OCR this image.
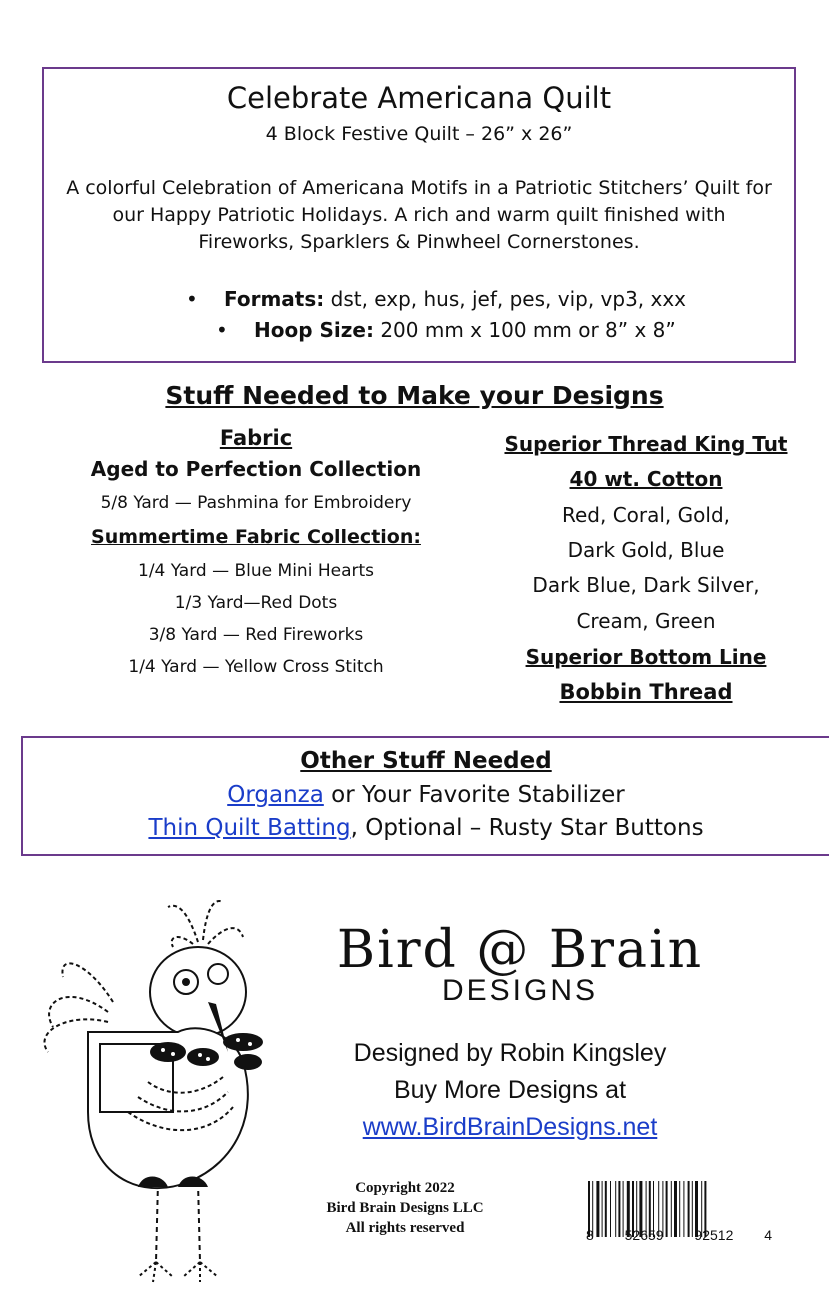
Celebrate Americana Quilt
4 Block Festive Quilt – 26” x 26”
A colorful Celebration of Americana Motifs in a Patriotic Stitchers’ Quilt for our Happy Patriotic Holidays. A rich and warm quilt finished with Fireworks, Sparklers & Pinwheel Cornerstones.
• Formats: dst, exp, hus, jef, pes, vip, vp3, xxx
• Hoop Size: 200 mm x 100 mm or 8” x 8”
Stuff Needed to Make your Designs
Fabric
Aged to Perfection Collection
5/8 Yard — Pashmina for Embroidery
Summertime Fabric Collection:
1/4 Yard — Blue Mini Hearts
1/3 Yard—Red Dots
3/8 Yard — Red Fireworks
1/4 Yard — Yellow Cross Stitch
Superior Thread King Tut
40 wt. Cotton
Red, Coral, Gold,
Dark Gold, Blue
Dark Blue, Dark Silver,
Cream, Green
Superior Bottom Line
Bobbin Thread
Other Stuff Needed
Organza or Your Favorite Stabilizer
Thin Quilt Batting, Optional – Rusty Star Buttons
Bird @ Brain
DESIGNS
Designed by Robin Kingsley
Buy More Designs at
www.BirdBrainDesigns.net
Copyright 2022
Bird Brain Designs LLC
All rights reserved	8 52659 92512 4
